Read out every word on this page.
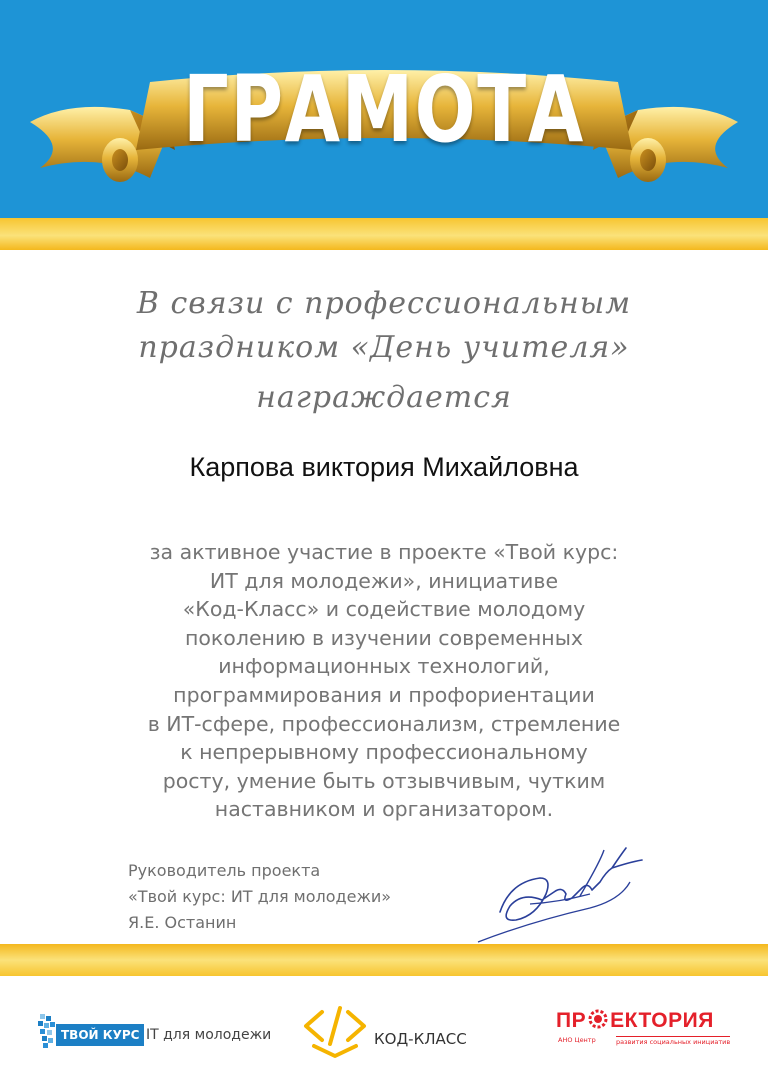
ГРАМОТА
В связи с профессиональным
праздником «День учителя»
награждается
Карпова виктория Михайловна
за активное участие в проекте «Твой курс:
ИТ для молодежи», инициативе
«Код-Класс» и содействие молодому
поколению в изучении современных
информационных технологий,
программирования и профориентации
в ИТ-сфере, профессионализм, стремление
к непрерывному профессиональному
росту, умение быть отзывчивым, чутким
наставником и организатором.
Руководитель проекта
«Твой курс: ИТ для молодежи»
Я.Е. Останин
ТВОЙ КУРС IT для молодежи	КОД-КЛАСС
ПР ЕКТОРИЯ
АНО Центр	развития социальных инициатив
